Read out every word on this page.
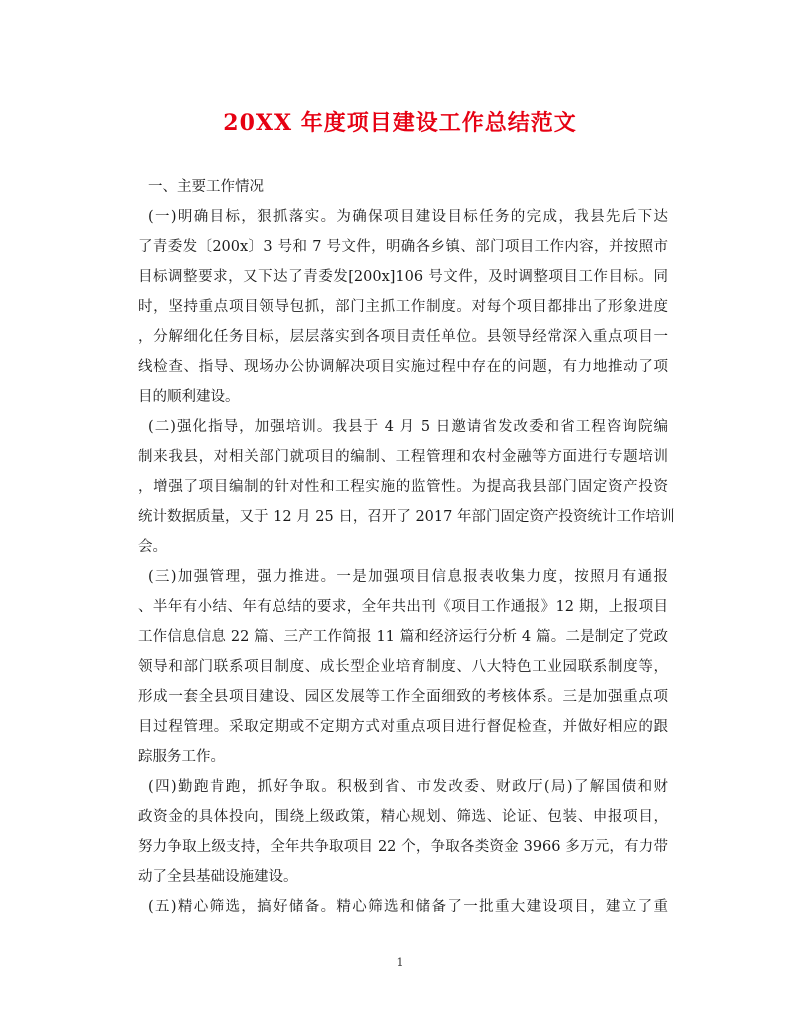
20XX 年度项目建设工作总结范文
一、主要工作情况
(一)明确目标，狠抓落实。为确保项目建设目标任务的完成，我县先后下达
了青委发〔200x〕3 号和 7 号文件，明确各乡镇、部门项目工作内容，并按照市
目标调整要求，又下达了青委发[200x]106 号文件，及时调整项目工作目标。同
时，坚持重点项目领导包抓，部门主抓工作制度。对每个项目都排出了形象进度
，分解细化任务目标，层层落实到各项目责任单位。县领导经常深入重点项目一
线检查、指导、现场办公协调解决项目实施过程中存在的问题，有力地推动了项
目的顺利建设。
(二)强化指导，加强培训。我县于 4 月 5 日邀请省发改委和省工程咨询院编
制来我县，对相关部门就项目的编制、工程管理和农村金融等方面进行专题培训
，增强了项目编制的针对性和工程实施的监管性。为提高我县部门固定资产投资
统计数据质量，又于 12 月 25 日，召开了 2017 年部门固定资产投资统计工作培训
会。
(三)加强管理，强力推进。一是加强项目信息报表收集力度，按照月有通报
、半年有小结、年有总结的要求，全年共出刊《项目工作通报》12 期，上报项目
工作信息信息 22 篇、三产工作简报 11 篇和经济运行分析 4 篇。二是制定了党政
领导和部门联系项目制度、成长型企业培育制度、八大特色工业园联系制度等，
形成一套全县项目建设、园区发展等工作全面细致的考核体系。三是加强重点项
目过程管理。采取定期或不定期方式对重点项目进行督促检查，并做好相应的跟
踪服务工作。
(四)勤跑肯跑，抓好争取。积极到省、市发改委、财政厅(局)了解国债和财
政资金的具体投向，围绕上级政策，精心规划、筛选、论证、包装、申报项目，
努力争取上级支持，全年共争取项目 22 个，争取各类资金 3966 多万元，有力带
动了全县基础设施建设。
(五)精心筛选，搞好储备。精心筛选和储备了一批重大建设项目，建立了重
1
